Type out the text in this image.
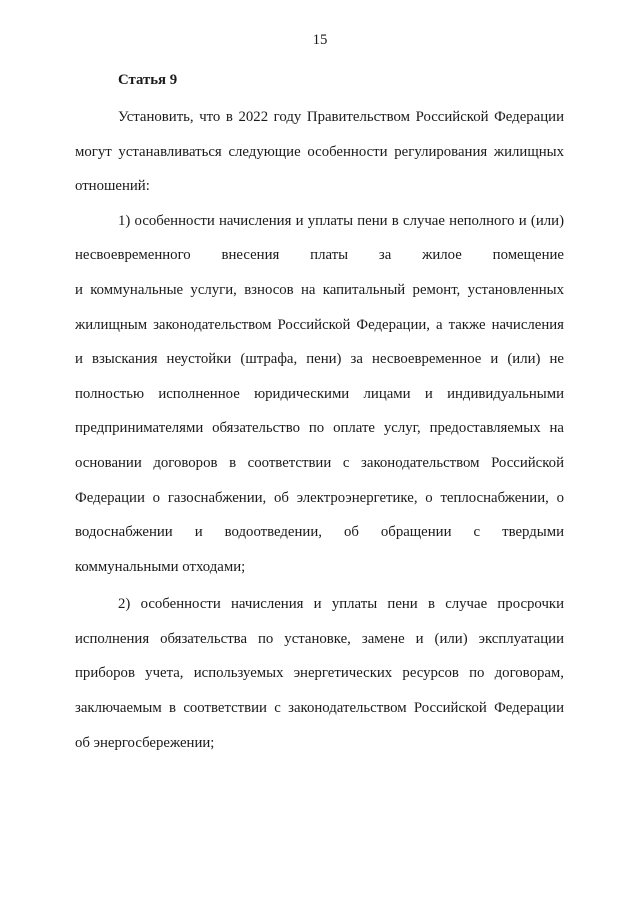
15
Статья 9
Установить, что в 2022 году Правительством Российской Федерации
могут устанавливаться следующие особенности регулирования жилищных
отношений:
1) особенности начисления и уплаты пени в случае неполного и (или)
несвоевременного внесения платы за жилое помещение
и коммунальные услуги, взносов на капитальный ремонт, установленных
жилищным законодательством Российской Федерации, а также начисления
и взыскания неустойки (штрафа, пени) за несвоевременное и (или) не
полностью исполненное юридическими лицами и индивидуальными
предпринимателями обязательство по оплате услуг, предоставляемых на
основании договоров в соответствии с законодательством Российской
Федерации о газоснабжении, об электроэнергетике, о теплоснабжении, о
водоснабжении и водоотведении, об обращении с твердыми
коммунальными отходами;
2) особенности начисления и уплаты пени в случае просрочки
исполнения обязательства по установке, замене и (или) эксплуатации
приборов учета, используемых энергетических ресурсов по договорам,
заключаемым в соответствии с законодательством Российской Федерации
об энергосбережении;
